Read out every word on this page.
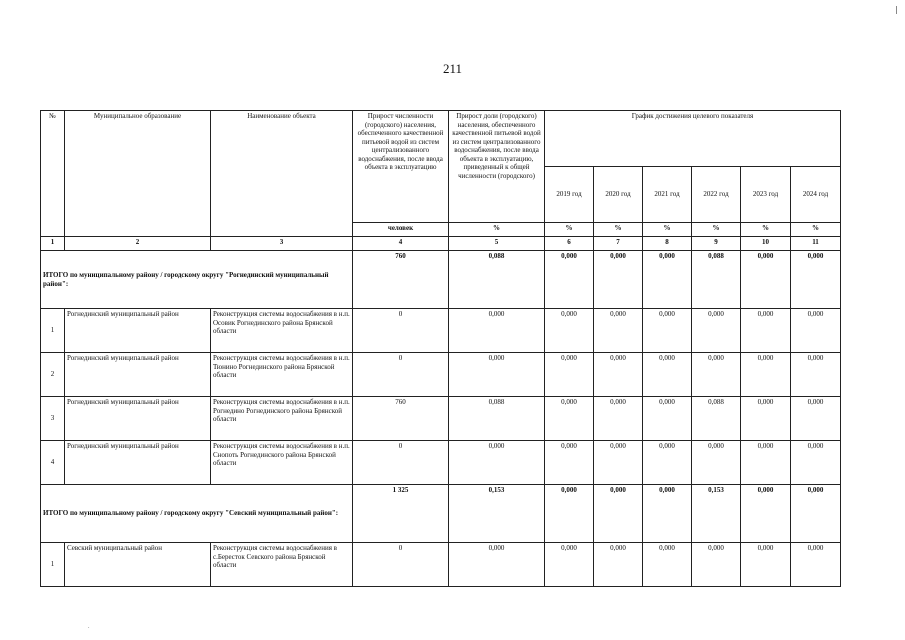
211
№	Муниципальное образование	Наименование объекта	Прирост численности (городского) населения, обеспеченного качественной питьевой водой из систем централизованного водоснабжения, после ввода объекта в эксплуатацию	Прирост доли (городского) населения, обеспеченного качественной питьевой водой из систем централизованного водоснабжения, после ввода объекта в эксплуатацию, приведенный к общей численности (городского)	График достижения целевого показателя					
					2019 год	2020 год	2021 год	2022 год	2023 год	2024 год
			человек	%	%	%	%	%	%	%
1	2	3	4	5	6	7	8	9	10	11
ИТОГО по муниципальному району / городскому округу "Рогнединский муниципальный район":			760	0,088	0,000	0,000	0,000	0,088	0,000	0,000
1	Рогнединский муниципальный район	Реконструкция системы водоснабжения в н.п. Осовик Рогнединского района Брянской области	0	0,000	0,000	0,000	0,000	0,000	0,000	0,000
2	Рогнединский муниципальный район	Реконструкция системы водоснабжения в н.п. Тюнино Рогнединского района Брянской области	0	0,000	0,000	0,000	0,000	0,000	0,000	0,000
3	Рогнединский муниципальный район	Реконструкция системы водоснабжения в н.п. Рогнедино Рогнединского района Брянской области	760	0,088	0,000	0,000	0,000	0,088	0,000	0,000
4	Рогнединский муниципальный район	Реконструкция системы водоснабжения в н.п. Снопоть Рогнединского района Брянской области	0	0,000	0,000	0,000	0,000	0,000	0,000	0,000
ИТОГО по муниципальному району / городскому округу "Севский муниципальный район":			1 325	0,153	0,000	0,000	0,000	0,153	0,000	0,000
1	Севский муниципальный район	Реконструкция системы водоснабжения в с.Бересток Севского района Брянской области	0	0,000	0,000	0,000	0,000	0,000	0,000	0,000
.
